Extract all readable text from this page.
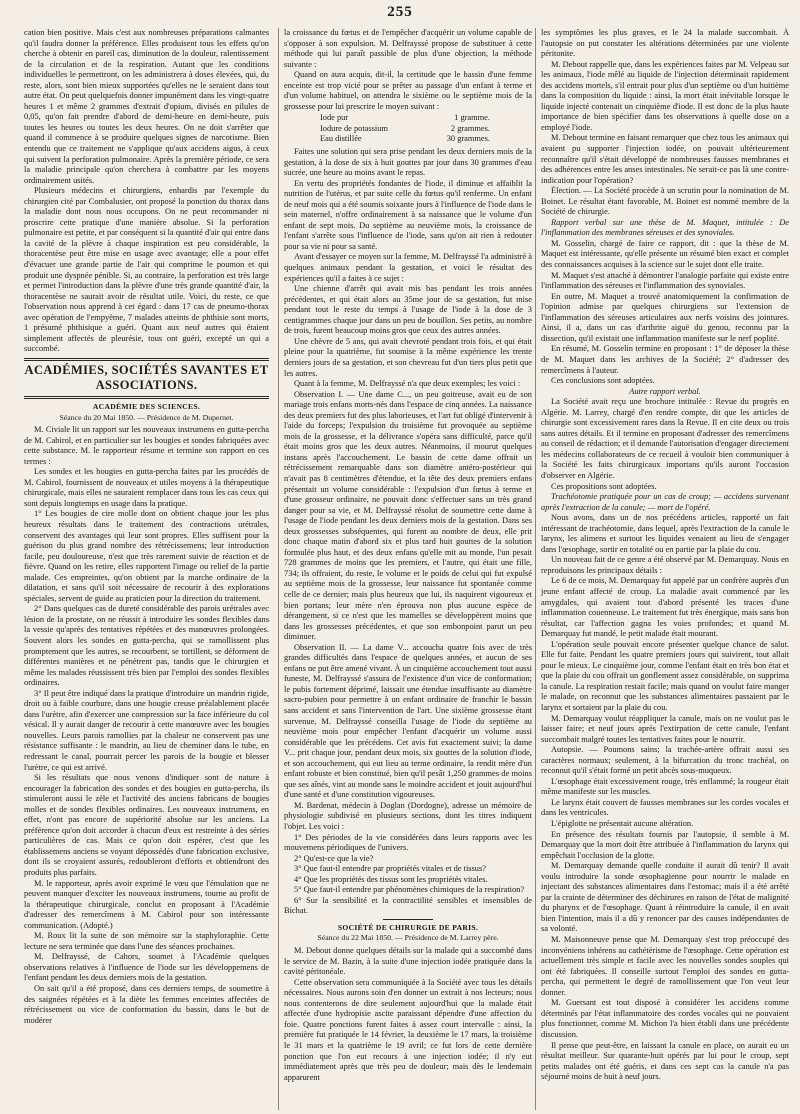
255

cation bien positive. Mais c'est aux nombreuses préparations calmantes qu'il faudra donner la préférence. Elles produisent tous les effets qu'on cherche à obtenir en pareil cas, diminution de la douleur, ralentissement de la circulation et de la respiration. Autant que les conditions individuelles le permettront, on les administrera à doses élevées, qui, du reste, alors, sont bien mieux supportées qu'elles ne le seraient dans tout autre état. On peut quelquefois donner impunément dans les vingt-quatre heures 1 et même 2 grammes d'extrait d'opium, divisés en pilules de 0,05, qu'on fait prendre d'abord de demi-heure en demi-heure, puis toutes les heures ou toutes les deux heures. On ne doit s'arrêter que quand il commence à se produire quelques signes de narcotisme. Bien entendu que ce traitement ne s'applique qu'aux accidens aigus, à ceux qui suivent la perforation pulmonaire. Après la première période, ce sera la maladie principale qu'on cherchera à combattre par les moyens ordinairement usités.

Plusieurs médecins et chirurgiens, enhardis par l'exemple du chirurgien cité par Combalusier, ont proposé la ponction du thorax dans la maladie dont nous nous occupons. On ne peut recommander ni proscrire cette pratique d'une manière absolue. Si la perforation pulmonaire est petite, et par conséquent si la quantité d'air qui entre dans la cavité de la plèvre à chaque inspiration est peu considérable, la thoracentèse peut être mise en usage avec avantage; elle a pour effet d'évacuer une grande partie de l'air qui comprime le poumon et qui produit une dyspnée pénible. Si, au contraire, la perforation est très large et permet l'introduction dans la plèvre d'une très grande quantité d'air, la thoracentèse ne saurait avoir de résultat utile. Voici, du reste, ce que l'observation nous apprend à cet égard : dans 17 cas de pneumo-thorax avec opération de l'empyème, 7 malades atteints de phthisie sont morts, 1 présumé phthisique a guéri. Quant aux neuf autres qui étaient simplement affectés de pleurésie, tous ont guéri, excepté un qui a succombé.

ACADÉMIES, SOCIÉTÉS SAVANTES ET ASSOCIATIONS.
ACADÉMIE DES SCIENCES.
Séance du 20 Mai 1850. — Présidence de M. Dupernet.

M. Civiale lit un rapport sur les nouveaux instrumens en gutta-percha de M. Cabirol, et en particulier sur les bougies et sondes fabriquées avec cette substance. M. le rapporteur résume et termine son rapport en ces termes :

Les sondes et les bougies en gutta-percha faites par les procédés de M. Cabirol, fournissent de nouveaux et utiles moyens à la thérapeutique chirurgicale, mais elles ne sauraient remplacer dans tous les cas ceux qui sont depuis longtemps en usage dans la pratique.

1° Les bougies de cire molle dont on obtient chaque jour les plus heureux résultats dans le traitement des contractions urétrales, conservent des avantages qui leur sont propres. Elles suffisent pour la guérison du plus grand nombre des rétrécissemens; leur introduction facile, peu douloureuse, n'est que très rarement suivie de réaction et de fièvre. Quand on les retire, elles rapportent l'image ou relief de la partie malade. Ces empreintes, qu'on obtient par la marche ordinaire de la dilatation, et sans qu'il soit nécessaire de recourir à des explorations spéciales, servent de guide au praticien pour la direction du traitement.

2° Dans quelques cas de dureté considérable des parois urétrales avec lésion de la prostate, on ne réussit à introduire les sondes flexibles dans la vessie qu'après des tentatives répétées et des manœuvres prolongées. Souvent alors les sondes en gutta-percha, qui se ramollissent plus promptement que les autres, se recourbent, se tortillent, se déforment de différentes manières et ne pénètrent pas, tandis que le chirurgien et même les malades réussissent très bien par l'emploi des sondes flexibles ordinaires.

3° Il peut être indiqué dans la pratique d'introduire un mandrin rigide, droit ou à faible courbure, dans une bougie creuse préalablement placée dans l'urètre, afin d'exercer une compression sur la face inférieure du col vésical. Il y aurait danger de recourir à cette manœuvre avec les bougies nouvelles. Leurs parois ramollies par la chaleur ne conservent pas une résistance suffisante : le mandrin, au lieu de cheminer dans le tube, en redressant le canal, pourrait percer les parois de la bougie et blesser l'urètre, ce qui est arrivé.

Si les résultats que nous venons d'indiquer sont de nature à encourager la fabrication des sondes et des bougies en gutta-percha, ils stimuleront aussi le zèle et l'activité des anciens fabricans de bougies molles et de sondes flexibles ordinaires. Les nouveaux instrumens, en effet, n'ont pas encore de supériorité absolue sur les anciens. La préférence qu'on doit accorder à chacun d'eux est restreinte à des séries particulières de cas. Mais ce qu'on doit espérer, c'est que les établissemens anciens se voyant dépossédés d'une fabrication exclusive, dont ils se croyaient assurés, redoubleront d'efforts et obtiendront des produits plus parfaits.

M. le rapporteur, après avoir exprimé le vœu que l'émulation que ne peuvent manquer d'exciter les nouveaux instrumens, tourne au profit de la thérapeutique chirurgicale, conclut en proposant à l'Académie d'adresser des remercîmens à M. Cabirol pour son intéressante communication. (Adopté.)

M. Roux lit la suite de son mémoire sur la staphyloraphie. Cette lecture ne sera terminée que dans l'une des séances prochaines.

M. Delfrayssé, de Cahors, soumet à l'Académie quelques observations relatives à l'influence de l'iode sur les développemens de l'enfant pendant les deux derniers mois de la gestation.

On sait qu'il a été proposé, dans ces derniers temps, de soumettre à des saignées répétées et à la diète les femmes enceintes affectées de rétrécissement ou vice de conformation du bassin, dans le but de modérer

la croissance du fœtus et de l'empêcher d'acquérir un volume capable de s'opposer à son expulsion. M. Delfrayssé propose de substituer à cette méthode qui lui paraît passible de plus d'une objection, la méthode suivante :

Quand on aura acquis, dit-il, la certitude que le bassin d'une femme enceinte est trop vicié pour se prêter au passage d'un enfant à terme et d'un volume habituel, on attendra le sixième ou le septième mois de la grossesse pour lui prescrire le moyen suivant :

Iode pur	1 gramme.
Iodure de potassium	2 grammes.
Eau distillée	30 grammes.

Faites une solution qui sera prise pendant les deux derniers mois de la gestation, à la dose de six à huit gouttes par jour dans 30 grammes d'eau sucrée, une heure au moins avant le repas.

En vertu des propriétés fondantes de l'iode, il diminue et affaiblit la nutrition de l'utérus, et par suite celle du fœtus qu'il renferme. Un enfant de neuf mois qui a été soumis soixante jours à l'influence de l'iode dans le sein maternel, n'offre ordinairement à sa naissance que le volume d'un enfant de sept mois. Du septième au neuvième mois, la croissance de l'enfant s'arrête sous l'influence de l'iode, sans qu'on ait rien à redouter pour sa vie ni pour sa santé.

Avant d'essayer ce moyen sur la femme, M. Delfrayssé l'a administré à quelques animaux pendant la gestation, et voici le résultat des expériences qu'il a faites à ce sujet :

Une chienne d'arrêt qui avait mis bas pendant les trois années précédentes, et qui était alors au 35me jour de sa gestation, fut mise pendant tout le reste du temps à l'usage de l'iode à la dose de 3 centigrammes chaque jour dans un peu de bouillon. Ses petits, au nombre de trois, furent beaucoup moins gros que ceux des autres années.

Une chèvre de 5 ans, qui avait chevroté pendant trois fois, et qui était pleine pour la quatrième, fut soumise à la même expérience les trente derniers jours de sa gestation, et son chevreau fut d'un tiers plus petit que les autres.

Quant à la femme, M. Delfrayssé n'a que deux exemples; les voici :

Observation I. — Une dame C..., un peu goitreuse, avait eu de son mariage trois enfans morts-nés dans l'espace de cinq années. La naissance des deux premiers fut des plus laborieuses, et l'art fut obligé d'intervenir à l'aide du forceps; l'expulsion du troisième fut provoquée au septième mois de la grossesse, et la délivrance s'opéra sans difficulté, parce qu'il était moins gros que les deux autres. Néanmoins, il mourut quelques instans après l'accouchement. Le bassin de cette dame offrait un rétrécissement remarquable dans son diamètre antéro-postérieur qui n'avait pas 8 centimètres d'étendue, et la tête des deux premiers enfans présentait un volume considérable : l'expulsion d'un fœtus à terme et d'une grosseur ordinaire, ne pouvait donc s'effectuer sans un très grand danger pour sa vie, et M. Delfrayssé résolut de soumettre cette dame à l'usage de l'iode pendant les deux derniers mois de la gestation. Dans ses deux grossesses subséquentes, qui furent au nombre de deux, elle prit donc chaque matin d'abord six et plus tard huit gouttes de la solution formulée plus haut, et des deux enfans qu'elle mit au monde, l'un pesait 728 grammes de moins que les premiers, et l'autre, qui était une fille, 734; ils offraient, du reste, le volume et le poids de celui qui fut expulsé au septième mois de la grossesse, leur naissance fut spontanée comme celle de ce dernier; mais plus heureux que lui, ils naquirent vigoureux et bien portans; leur mère n'en éprouva non plus aucune espèce de dérangement, si ce n'est que les mamelles se développèrent moins que dans les grossesses précédentes, et que son embonpoint parut un peu diminuer.

Observation II. — La dame V... accoucha quatre fois avec de très grandes difficultés dans l'espace de quelques années, et aucun de ses enfans ne put être amené vivant. À un cinquième accouchement tout aussi funeste, M. Delfrayssé s'assura de l'existence d'un vice de conformation; le pubis fortement déprimé, laissait une étendue insuffisante au diamètre sacro-pubien pour permettre à un enfant ordinaire de franchir le bassin sans accident et sans l'intervention de l'art. Une sixième grossesse étant survenue, M. Delfrayssé conseilla l'usage de l'iode du septième au neuvième mois pour empêcher l'enfant d'acquérir un volume aussi considérable que les précédens. Cet avis fut exactement suivi; la dame V... prit chaque jour, pendant deux mois, six gouttes de la solution d'iode, et son accouchement, qui eut lieu au terme ordinaire, la rendit mère d'un enfant robuste et bien constitué, bien qu'il pesât 1,250 grammes de moins que ses aînés, vint au monde sans le moindre accident et jouit aujourd'hui d'une santé et d'une constitution vigoureuses.

M. Bardenat, médecin à Doglan (Dordogne), adresse un mémoire de physiologie subdivisé en plusieurs sections, dont les titres indiquent l'objet. Les voici :

1° Des périodes de la vie considérées dans leurs rapports avec les mouvemens périodiques de l'univers.

2° Qu'est-ce que la vie?

3° Que faut-il entendre par propriétés vitales et de tissus?

4° Que les propriétés des tissus sont les propriétés vitales.

5° Que faut-il entendre par phénomènes chimiques de la respiration?

6° Sur la sensibilité et la contractilité sensibles et insensibles de Bichat.

SOCIÉTÉ DE CHIRURGIE DE PARIS.
Séance du 22 Mai 1850. — Présidence de M. Larrey père.

M. Debout donne quelques détails sur la malade qui a succombé dans le service de M. Bazin, à la suite d'une injection iodée pratiquée dans la cavité péritonéale.

Cette observation sera communiquée à la Société avec tous les détails nécessaires. Nous aurons soin d'en donner un extrait à nos lecteurs; nous nous contenterons de dire seulement aujourd'hui que la malade était affectée d'une hydropisie ascite paraissant dépendre d'une affection du foie. Quatre ponctions furent faites à assez court intervalle : ainsi, la première fut pratiquée le 14 février, la deuxième le 17 mars, la troisième le 31 mars et la quatrième le 19 avril; ce fut lors de cette dernière ponction que l'on eut recours à une injection iodée; il n'y eut immédiatement après que très peu de douleur; mais dès le lendemain apparurent

les symptômes les plus graves, et le 24 la malade succombait. À l'autopsie on put constater les altérations déterminées par une violente péritonite.

M. Debout rappelle que, dans les expériences faites par M. Velpeau sur les animaux, l'iode mêlé au liquide de l'injection déterminait rapidement des accidens mortels, s'il entrait pour plus d'un septième ou d'un huitième dans la composition du liquide : ainsi, la mort était inévitable lorsque le liquide injecté contenait un cinquième d'iode. Il est donc de la plus haute importance de bien spécifier dans les observations à quelle dose on a employé l'iode.

M. Debout termine en faisant remarquer que chez tous les animaux qui avaient pu supporter l'injection iodée, on pouvait ultérieurement reconnaître qu'il s'était développé de nombreuses fausses membranes et des adhérences entre les anses intestinales. Ne serait-ce pas là une contre-indication pour l'opération?

Élection. — La Société procède à un scrutin pour la nomination de M. Boinet. Le résultat étant favorable, M. Boinet est nommé membre de la Société de chirurgie.

Rapport verbal sur une thèse de M. Maquet, intitulée : De l'inflammation des membranes séreuses et des synoviales.

M. Gosselin, chargé de faire ce rapport, dit : que la thèse de M. Maquet est intéressante, qu'elle présente un résumé bien exact et complet des connaissances acquises à la science sur le sujet dont elle traite.

M. Maquet s'est attaché à démontrer l'analogie parfaite qui existe entre l'inflammation des séreuses et l'inflammation des synoviales.

En outre, M. Maquet a trouvé anatomiquement la confirmation de l'opinion admise par quelques chirurgiens sur l'extension de l'inflammation des séreuses articulaires aux nerfs voisins des jointures. Ainsi, il a, dans un cas d'arthrite aiguë du genou, reconnu par la dissection, qu'il existait une inflammation manifeste sur le nerf poplité.

En résumé, M. Gosselin termine en proposant : 1° de déposer la thèse de M. Maquet dans les archives de la Société; 2° d'adresser des remercîmens à l'auteur.

Ces conclusions sont adoptées.

Autre rapport verbal.

La Société avait reçu une brochure intitulée : Revue du progrès en Algérie. M. Larrey, chargé d'en rendre compte, dit que les articles de chirurgie sont excessivement rares dans la Revue. Il en cite deux ou trois sans autres détails. Et il termine en proposant d'adresser des remercîmens au conseil de rédaction; et il demande l'autorisation d'engager directement les médecins collaborateurs de ce recueil à vouloir bien communiquer à la Société les faits chirurgicaux importans qu'ils auront l'occasion d'observer en Algérie.

Ces propositions sont adoptées.

Trachéotomie pratiquée pour un cas de croup; — accidens survenant après l'extraction de la canule; — mort de l'opéré.

Nous avons, dans un de nos précédens articles, rapporté un fait intéressant de trachéotomie, dans lequel, après l'extraction de la canule le larynx, les alimens et surtout les liquides venaient au lieu de s'engager dans l'œsophage, sortir en totalité ou en partie par la plaie du cou.

Un nouveau fait de ce genre a été observé par M. Demarquay. Nous en reproduisons les principaux détails :

Le 6 de ce mois, M. Demarquay fut appelé par un confrère auprès d'un jeune enfant affecté de croup. La maladie avait commencé par les amygdales, qui avaient tout d'abord présenté les traces d'une inflammation couenneuse. Le traitement fut très énergique, mais sans bon résultat, car l'affection gagna les voies profondes; et quand M. Demarquay fut mandé, le petit malade était mourant.

L'opération seule pouvait encore présenter quelque chance de salut. Elle fut faite. Pendant les quatre premiers jours qui suivirent, tout allait pour le mieux. Le cinquième jour, comme l'enfant était en très bon état et que la plaie du cou offrait un gonflement assez considérable, on supprima la canule. La respiration restait facile; mais quand on voulut faire manger le malade, on reconnut que les substances alimentaires passaient par le larynx et sortaient par la plaie du cou.

M. Demarquay voulut réappliquer la canule, mais on ne voulut pas le laisser faire; et neuf jours après l'extirpation de cette canule, l'enfant succombait malgré toutes les tentatives faites pour le nourrir.

Autopsie. — Poumons sains; la trachée-artère offrait aussi ses caractères normaux; seulement, à la bifurcation du tronc trachéal, on reconnut qu'il s'était formé un petit abcès sous-muqueux.

L'œsophage était excessivement rouge, très enflammé; la rougeur était même manifeste sur les muscles.

Le larynx était couvert de fausses membranes sur les cordes vocales et dans les ventricules.

L'épiglotte ne présentait aucune altération.

En présence des résultats fournis par l'autopsie, il semble à M. Demarquay que la mort doit être attribuée à l'inflammation du larynx qui empêchait l'occlusion de la glotte.

M. Demarquay demande quelle conduite il aurait dû tenir? Il avait voulu introduire la sonde œsophagienne pour nourrir le malade en injectant des substances alimentaires dans l'estomac; mais il a été arrêté par la crainte de déterminer des déchirures en raison de l'état de malignité du pharynx et de l'œsophage. Quant à réintroduire la canule, il en avait bien l'intention, mais il a dû y renoncer par des causes indépendantes de sa volonté.

M. Maisonneuve pense que M. Demarquay s'est trop préoccupé des inconvéniens inhérens au cathétérisme de l'œsophage. Cette opération est actuellement très simple et facile avec les nouvelles sondes souples qui ont été fabriquées. Il conseille surtout l'emploi des sondes en gutta-percha, qui permettent le degré de ramollissement que l'on veut leur donner.

M. Guersant est tout disposé à considérer les accidens comme déterminés par l'état inflammatoire des cordes vocales qui ne pouvaient plus fonctionner, comme M. Michon l'a bien établi dans une précédente discussion.

Il pense que peut-être, en laissant la canule en place, on aurait eu un résultat meilleur. Sur quarante-huit opérés par lui pour le croup, sept petits malades ont été guéris, et dans ces sept cas la canule n'a pas séjourné moins de huit à neuf jours.
